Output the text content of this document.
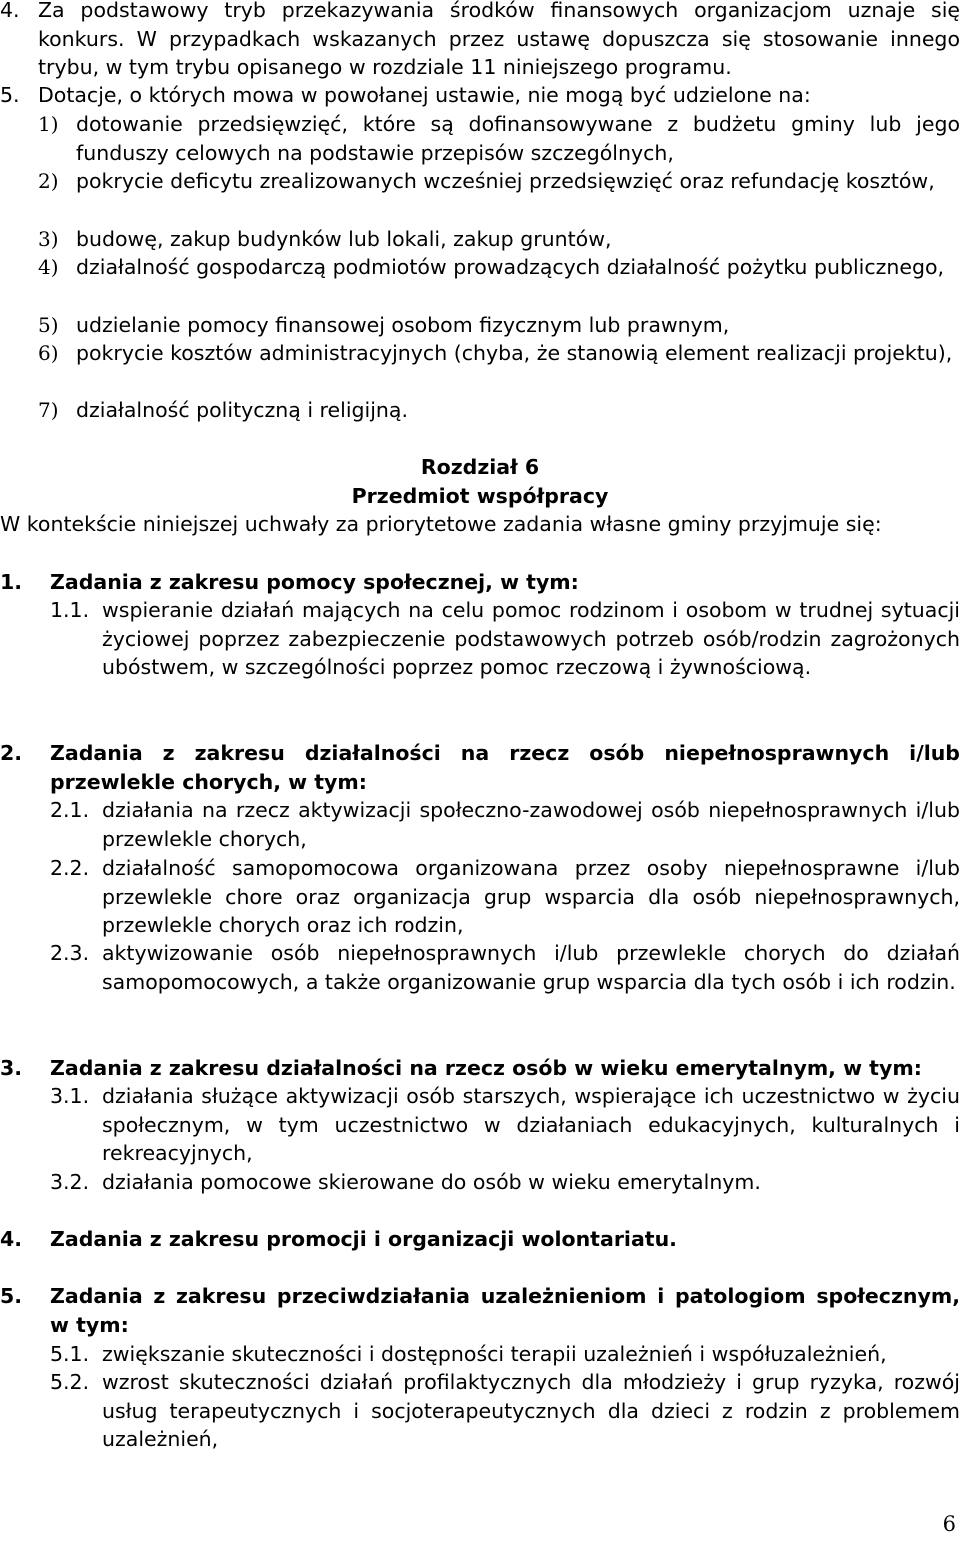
4. Za podstawowy tryb przekazywania środków finansowych organizacjom uznaje się konkurs. W przypadkach wskazanych przez ustawę dopuszcza się stosowanie innego trybu, w tym trybu opisanego w rozdziale 11 niniejszego programu.
5. Dotacje, o których mowa w powołanej ustawie, nie mogą być udzielone na:
1) dotowanie przedsięwzięć, które są dofinansowywane z budżetu gminy lub jego funduszy celowych na podstawie przepisów szczególnych,
2) pokrycie deficytu zrealizowanych wcześniej przedsięwzięć oraz refundację kosztów,
3) budowę, zakup budynków lub lokali, zakup gruntów,
4) działalność gospodarczą podmiotów prowadzących działalność pożytku publicznego,
5) udzielanie pomocy finansowej osobom fizycznym lub prawnym,
6) pokrycie kosztów administracyjnych (chyba, że stanowią element realizacji projektu),
7) działalność polityczną i religijną.
Rozdział 6
Przedmiot współpracy
W kontekście niniejszej uchwały za priorytetowe zadania własne gminy przyjmuje się:
1.	Zadania z zakresu pomocy społecznej, w tym:
1.1. wspieranie działań mających na celu pomoc rodzinom i osobom w trudnej sytuacji życiowej poprzez zabezpieczenie podstawowych potrzeb osób/rodzin zagrożonych ubóstwem, w szczególności poprzez pomoc rzeczową i żywnościową.
2.	Zadania z zakresu działalności na rzecz osób niepełnosprawnych i/lub przewlekle chorych, w tym:
2.1. działania na rzecz aktywizacji społeczno-zawodowej osób niepełnosprawnych i/lub przewlekle chorych,
2.2. działalność samopomocowa organizowana przez osoby niepełnosprawne i/lub przewlekle chore oraz organizacja grup wsparcia dla osób niepełnosprawnych, przewlekle chorych oraz ich rodzin,
2.3. aktywizowanie osób niepełnosprawnych i/lub przewlekle chorych do działań samopomocowych, a także organizowanie grup wsparcia dla tych osób i ich rodzin.
3.	Zadania z zakresu działalności na rzecz osób w wieku emerytalnym, w tym:
3.1. działania służące aktywizacji osób starszych, wspierające ich uczestnictwo w życiu społecznym, w tym uczestnictwo w działaniach edukacyjnych, kulturalnych i rekreacyjnych,
3.2. działania pomocowe skierowane do osób w wieku emerytalnym.
4.	Zadania z zakresu promocji i organizacji wolontariatu.
5.	Zadania z zakresu przeciwdziałania uzależnieniom i patologiom społecznym, w tym:
5.1. zwiększanie skuteczności i dostępności terapii uzależnień i współuzależnień,
5.2. wzrost skuteczności działań profilaktycznych dla młodzieży i grup ryzyka, rozwój usług terapeutycznych i socjoterapeutycznych dla dzieci z rodzin z problemem uzależnień,
6
